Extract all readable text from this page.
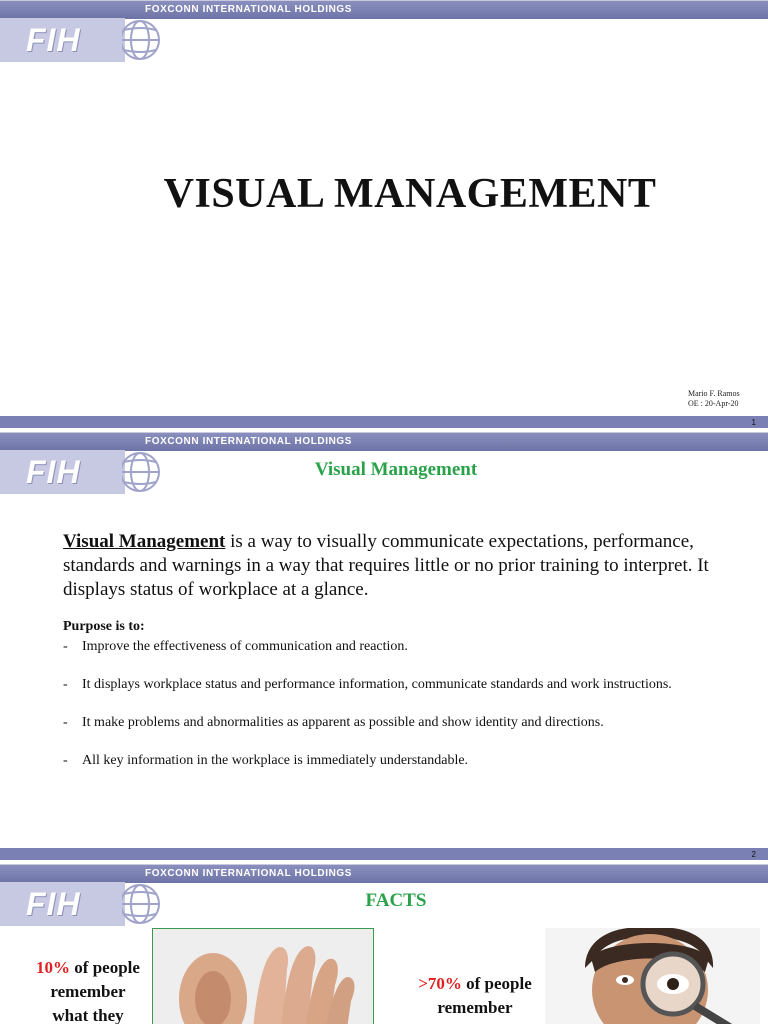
FOXCONN INTERNATIONAL HOLDINGS
FIH
VISUAL MANAGEMENT
Mario F. Ramos
OE : 20-Apr-20
1
FOXCONN INTERNATIONAL HOLDINGS
FIH	Visual Management
Visual Management is a way to visually communicate expectations, performance, standards and warnings in a way that requires little or no prior training to interpret. It displays status of workplace at a glance.
Purpose is to:
- Improve the effectiveness of communication and reaction.
- It displays workplace status and performance information, communicate standards and work instructions.
- It make problems and abnormalities as apparent as possible and show identity and directions.
- All key information in the workplace is immediately understandable.
2
FOXCONN INTERNATIONAL HOLDINGS
FIH	FACTS
10% of people
remember
what they
>70% of people
remember
